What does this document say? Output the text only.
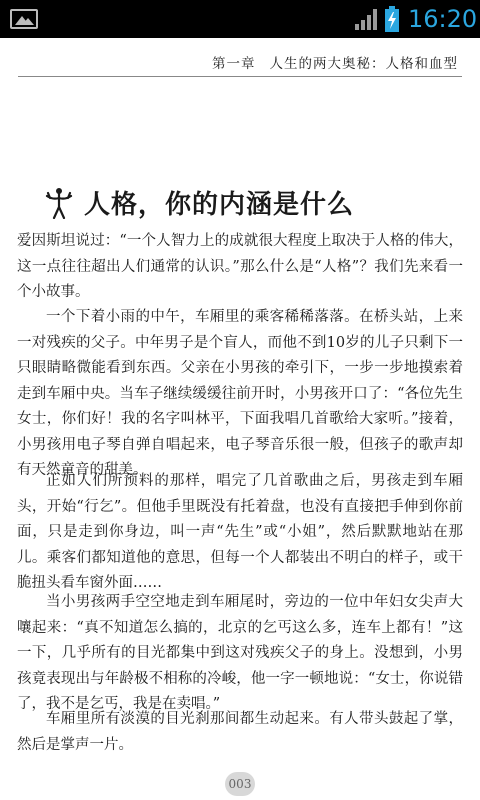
16:20
第一章 人生的两大奥秘：人格和血型
人格，你的内涵是什么

爱因斯坦说过：“一个人智力上的成就很大程度上取决于人格的伟大，这一点往往超出人们通常的认识。”那么什么是“人格”？我们先来看一个小故事。

一个下着小雨的中午，车厢里的乘客稀稀落落。在桥头站，上来一对残疾的父子。中年男子是个盲人，而他不到10岁的儿子只剩下一只眼睛略微能看到东西。父亲在小男孩的牵引下，一步一步地摸索着走到车厢中央。当车子继续缓缓往前开时，小男孩开口了：“各位先生女士，你们好！我的名字叫林平，下面我唱几首歌给大家听。”接着，小男孩用电子琴自弹自唱起来，电子琴音乐很一般，但孩子的歌声却有天然童音的甜美。

正如人们所预料的那样，唱完了几首歌曲之后，男孩走到车厢头，开始“行乞”。但他手里既没有托着盘，也没有直接把手伸到你前面，只是走到你身边，叫一声“先生”或“小姐”，然后默默地站在那儿。乘客们都知道他的意思，但每一个人都装出不明白的样子，或干脆扭头看车窗外面……

当小男孩两手空空地走到车厢尾时，旁边的一位中年妇女尖声大嚷起来：“真不知道怎么搞的，北京的乞丐这么多，连车上都有！”这一下，几乎所有的目光都集中到这对残疾父子的身上。没想到，小男孩竟表现出与年龄极不相称的冷峻，他一字一顿地说：“女士，你说错了，我不是乞丐，我是在卖唱。”

车厢里所有淡漠的目光刹那间都生动起来。有人带头鼓起了掌，然后是掌声一片。

003
